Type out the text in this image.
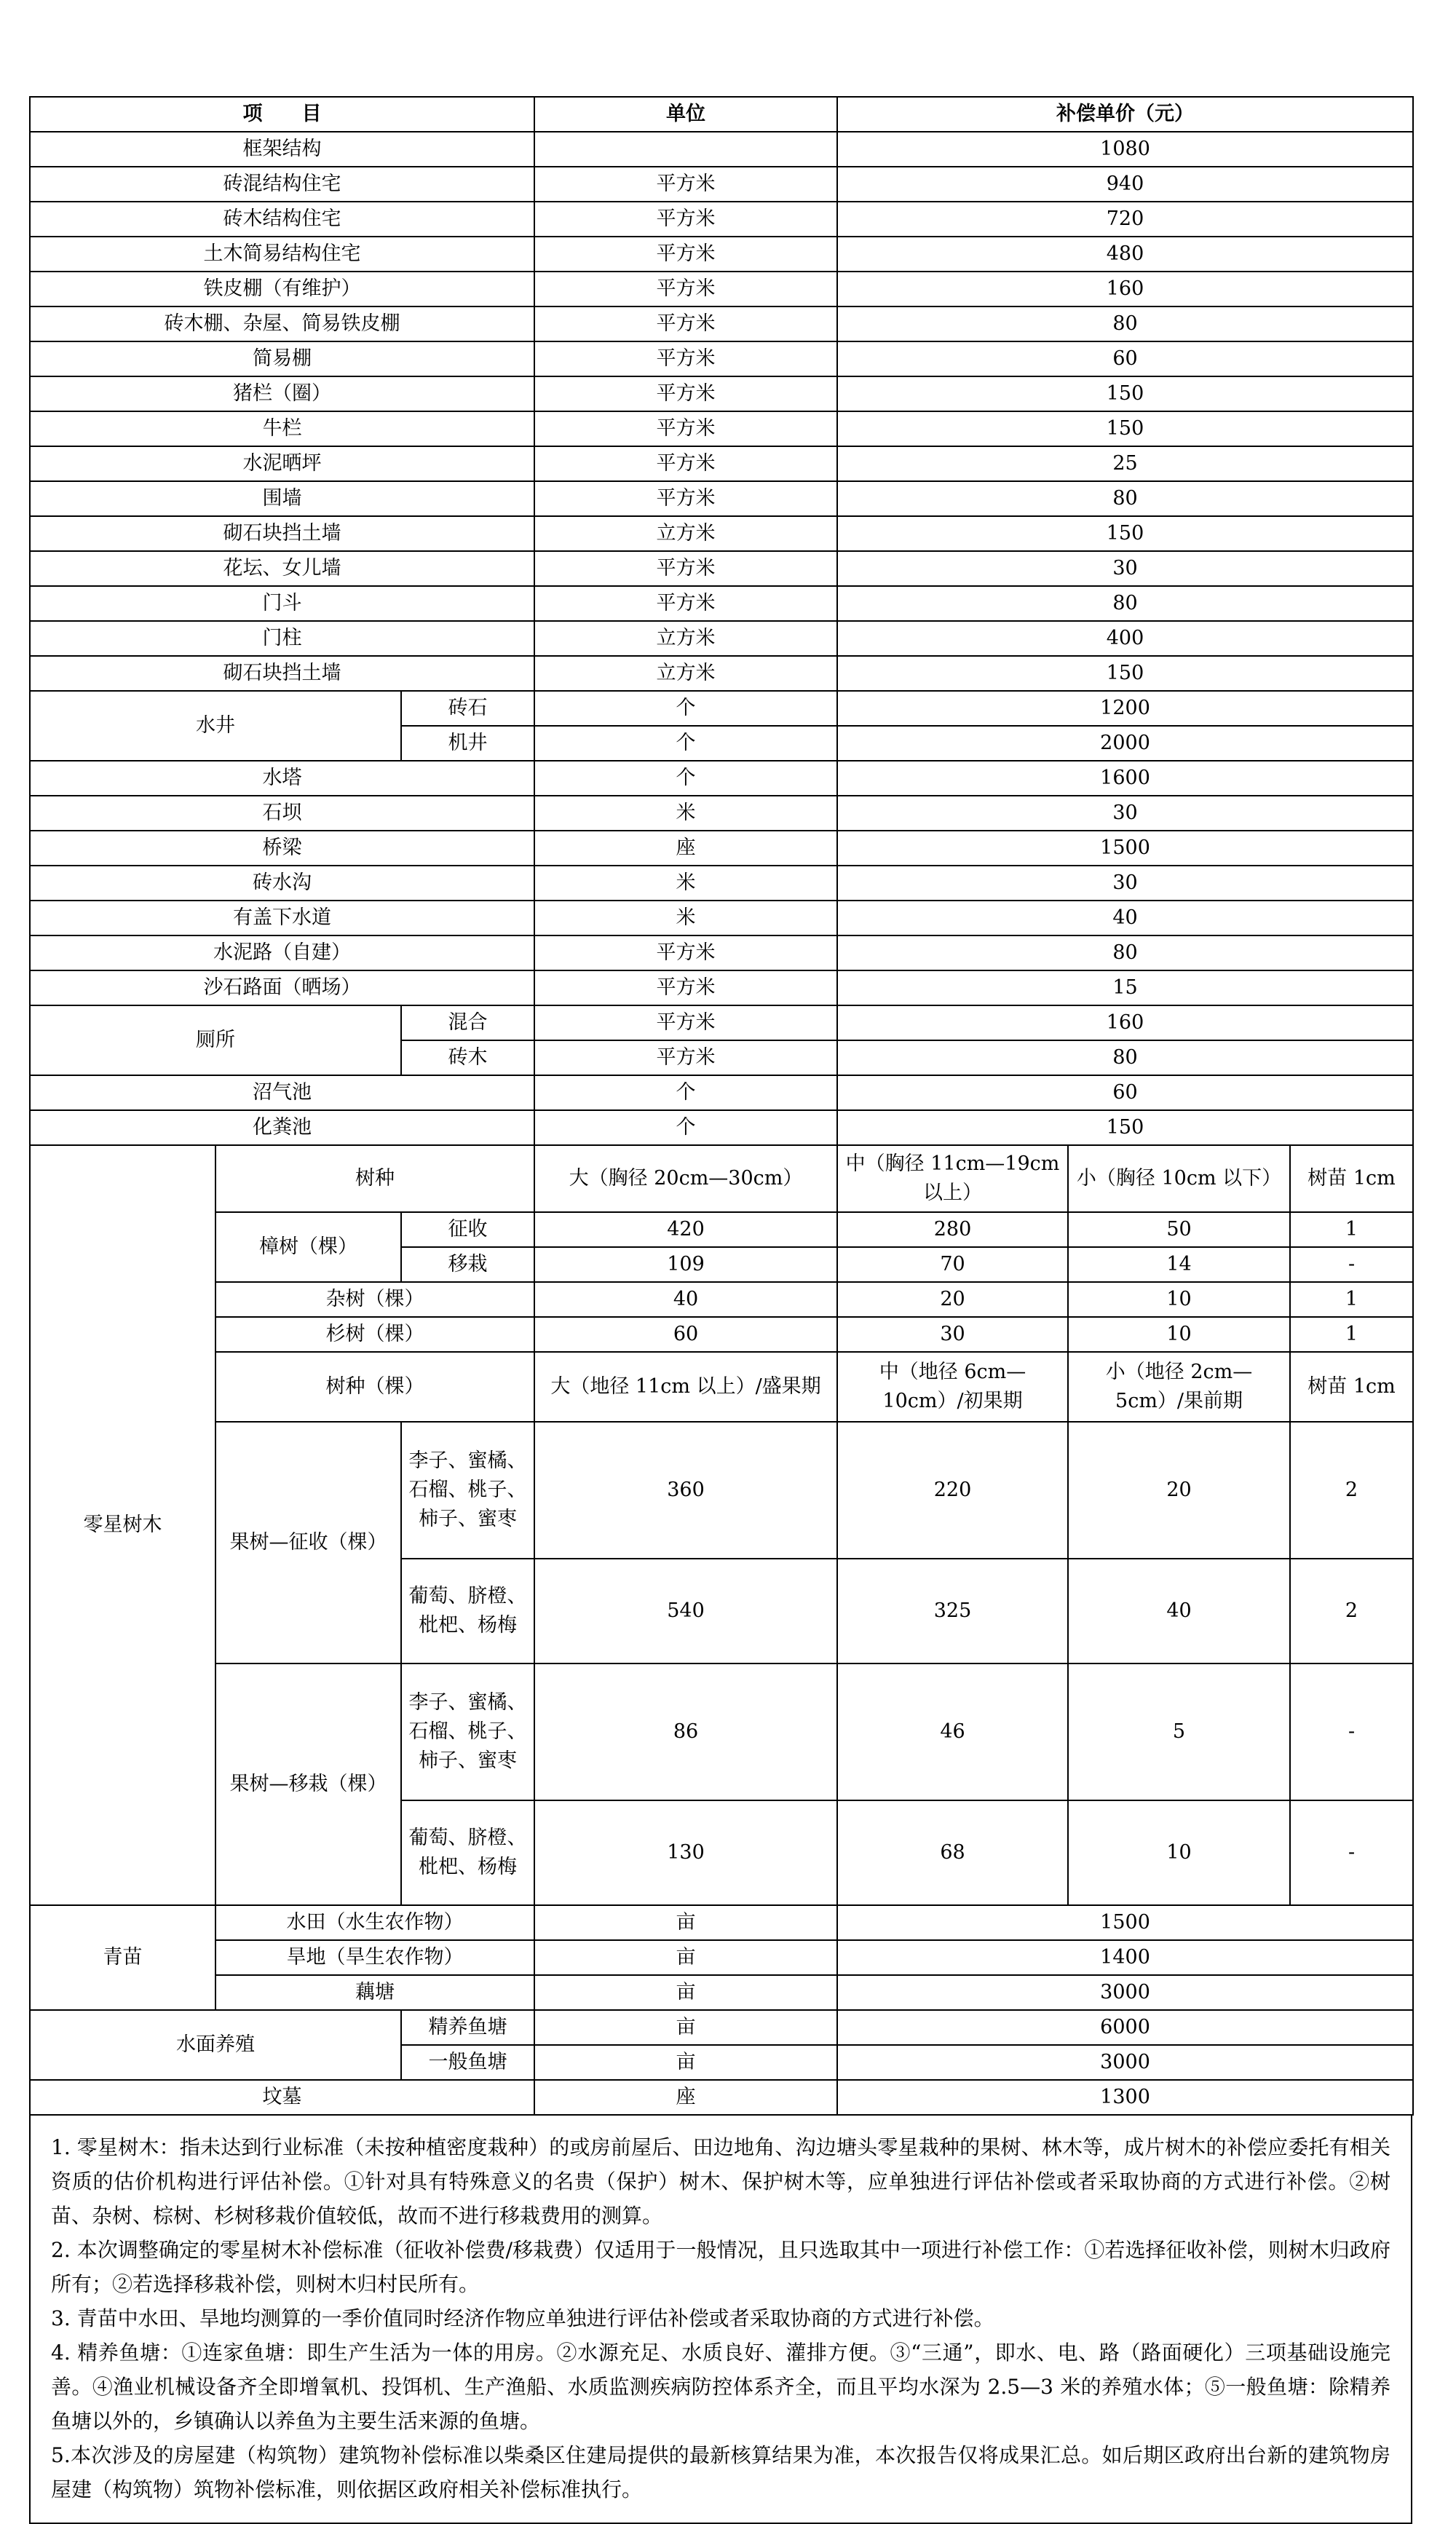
项　　目			单位	补偿单价（元）		
框架结构				1080		
砖混结构住宅			平方米	940		
砖木结构住宅			平方米	720		
土木简易结构住宅			平方米	480		
铁皮棚（有维护）			平方米	160		
砖木棚、杂屋、简易铁皮棚			平方米	80		
简易棚			平方米	60		
猪栏（圈）			平方米	150		
牛栏			平方米	150		
水泥晒坪			平方米	25		
围墙			平方米	80		
砌石块挡土墙			立方米	150		
花坛、女儿墙			平方米	30		
门斗			平方米	80		
门柱			立方米	400		
砌石块挡土墙			立方米	150		
水井		砖石	个	1200		
		机井	个	2000		
水塔			个	1600		
石坝			米	30		
桥梁			座	1500		
砖水沟			米	30		
有盖下水道			米	40		
水泥路（自建）			平方米	80		
沙石路面（晒场）			平方米	15		
厕所		混合	平方米	160		
		砖木	平方米	80		
沼气池			个	60		
化粪池			个	150		
零星树木	树种		大（胸径 20cm—30cm）	中（胸径 11cm—19cm 以上）	小（胸径 10cm 以下）	树苗 1cm
	樟树（棵）	征收	420	280	50	1
		移栽	109	70	14	-
	杂树（棵）		40	20	10	1
	杉树（棵）		60	30	10	1
	树种（棵）		大（地径 11cm 以上）/盛果期	中（地径 6cm—10cm）/初果期	小（地径 2cm—5cm）/果前期	树苗 1cm
	果树—征收（棵）	李子、蜜橘、石榴、桃子、柿子、蜜枣	360	220	20	2
		葡萄、脐橙、枇杷、杨梅	540	325	40	2
	果树—移栽（棵）	李子、蜜橘、石榴、桃子、柿子、蜜枣	86	46	5	-
		葡萄、脐橙、枇杷、杨梅	130	68	10	-
青苗	水田（水生农作物）		亩	1500		
	旱地（旱生农作物）		亩	1400		
	藕塘		亩	3000		
水面养殖		精养鱼塘	亩	6000		
		一般鱼塘	亩	3000		
坟墓			座	1300		

1. 零星树木：指未达到行业标准（未按种植密度栽种）的或房前屋后、田边地角、沟边塘头零星栽种的果树、林木等，成片树木的补偿应委托有相关资质的估价机构进行评估补偿。①针对具有特殊意义的名贵（保护）树木、保护树木等，应单独进行评估补偿或者采取协商的方式进行补偿。②树苗、杂树、棕树、杉树移栽价值较低，故而不进行移栽费用的测算。

2. 本次调整确定的零星树木补偿标准（征收补偿费/移栽费）仅适用于一般情况，且只选取其中一项进行补偿工作：①若选择征收补偿，则树木归政府所有；②若选择移栽补偿，则树木归村民所有。

3. 青苗中水田、旱地均测算的一季价值同时经济作物应单独进行评估补偿或者采取协商的方式进行补偿。

4. 精养鱼塘：①连家鱼塘：即生产生活为一体的用房。②水源充足、水质良好、灌排方便。③“三通”，即水、电、路（路面硬化）三项基础设施完善。④渔业机械设备齐全即增氧机、投饵机、生产渔船、水质监测疾病防控体系齐全，而且平均水深为 2.5—3 米的养殖水体；⑤一般鱼塘：除精养鱼塘以外的，乡镇确认以养鱼为主要生活来源的鱼塘。

5.本次涉及的房屋建（构筑物）建筑物补偿标准以柴桑区住建局提供的最新核算结果为准，本次报告仅将成果汇总。如后期区政府出台新的建筑物房屋建（构筑物）筑物补偿标准，则依据区政府相关补偿标准执行。
